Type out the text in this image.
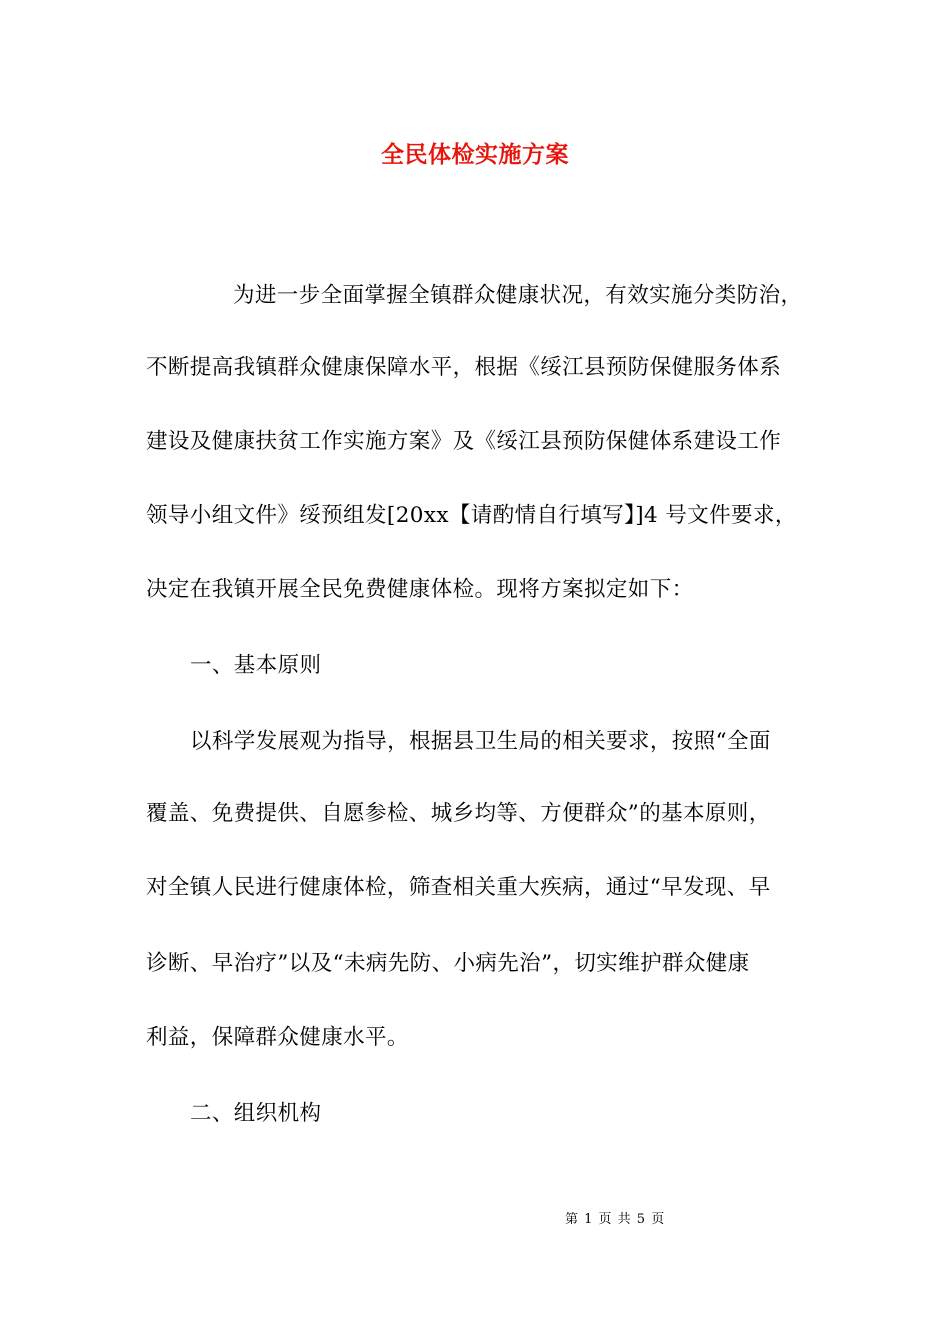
全民体检实施方案
为进一步全面掌握全镇群众健康状况，有效实施分类防治，
不断提高我镇群众健康保障水平，根据《绥江县预防保健服务体系
建设及健康扶贫工作实施方案》及《绥江县预防保健体系建设工作
领导小组文件》绥预组发[20xx【请酌情自行填写】]4 号文件要求，
决定在我镇开展全民免费健康体检。现将方案拟定如下：
一、基本原则
以科学发展观为指导，根据县卫生局的相关要求，按照“全面
覆盖、免费提供、自愿参检、城乡均等、方便群众”的基本原则，
对全镇人民进行健康体检，筛查相关重大疾病，通过“早发现、早
诊断、早治疗”以及“未病先防、小病先治”，切实维护群众健康
利益，保障群众健康水平。
二、组织机构
第 1 页 共 5 页
